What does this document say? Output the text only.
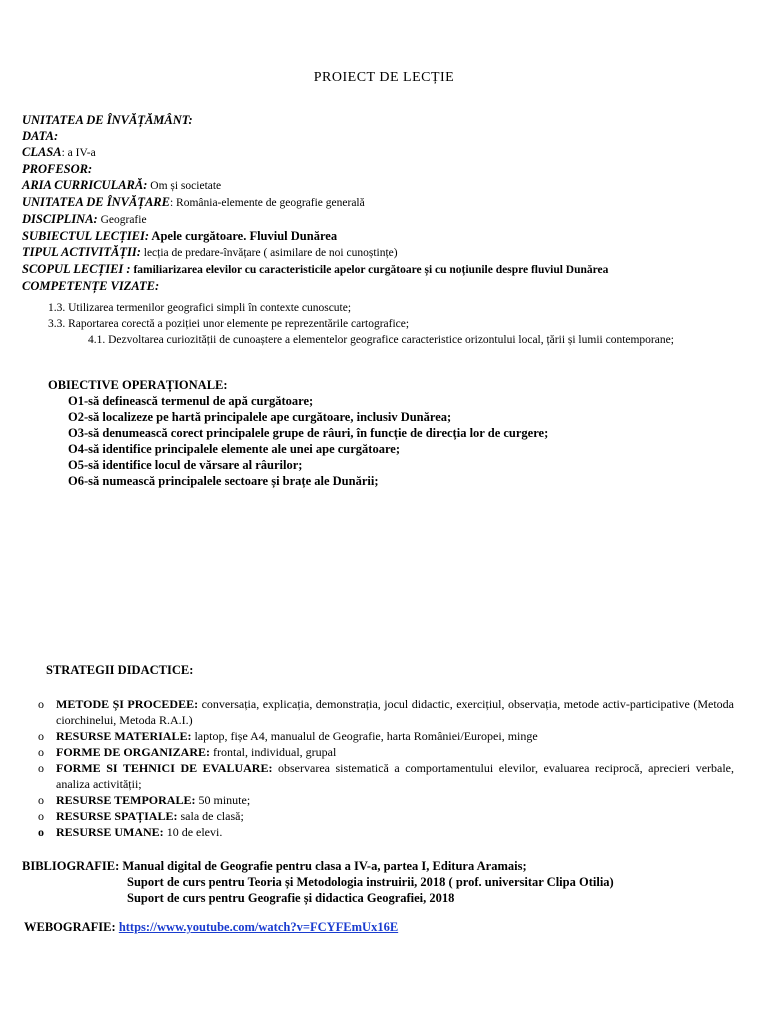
PROIECT DE LECȚIE
UNITATEA DE ÎNVĂȚĂMÂNT:
DATA:
CLASA: a IV-a
PROFESOR:
ARIA CURRICULARĂ: Om și societate
UNITATEA DE ÎNVĂȚARE: România-elemente de geografie generală
DISCIPLINA: Geografie
SUBIECTUL LECȚIEI: Apele curgătoare. Fluviul Dunărea
TIPUL ACTIVITĂȚII: lecția de predare-învățare ( asimilare de noi cunoștințe)
SCOPUL LECȚIEI : familiarizarea elevilor cu caracteristicile apelor curgătoare și cu noțiunile despre fluviul Dunărea
COMPETENȚE VIZATE:
1.3. Utilizarea termenilor geografici simpli în contexte cunoscute;
3.3. Raportarea corectă a poziției unor elemente pe reprezentările cartografice;
4.1. Dezvoltarea curiozității de cunoaștere a elementelor geografice caracteristice orizontului local, țării și lumii contemporane;
OBIECTIVE OPERAȚIONALE:
O1-să definească termenul de apă curgătoare;
O2-să localizeze pe hartă principalele ape curgătoare, inclusiv Dunărea;
O3-să denumească corect principalele grupe de râuri, în funcție de direcția lor de curgere;
O4-să identifice principalele elemente ale unei ape curgătoare;
O5-să identifice locul de vărsare al râurilor;
O6-să numească principalele sectoare și brațe ale Dunării;
STRATEGII DIDACTICE:
o METODE ȘI PROCEDEE: conversația, explicația, demonstrația, jocul didactic, exercițiul, observația, metode activ-participative (Metoda ciorchinelui, Metoda R.A.I.)
o RESURSE MATERIALE: laptop, fișe A4, manualul de Geografie, harta României/Europei, minge
o FORME DE ORGANIZARE: frontal, individual, grupal
o FORME SI TEHNICI DE EVALUARE: observarea sistematică a comportamentului elevilor, evaluarea reciprocă, aprecieri verbale, analiza activității;
o RESURSE TEMPORALE: 50 minute;
o RESURSE SPAȚIALE: sala de clasă;
o RESURSE UMANE: 10 de elevi.
BIBLIOGRAFIE: Manual digital de Geografie pentru clasa a IV-a, partea I, Editura Aramais;
Suport de curs pentru Teoria și Metodologia instruirii, 2018 ( prof. universitar Clipa Otilia)
Suport de curs pentru Geografie și didactica Geografiei, 2018
WEBOGRAFIE: https://www.youtube.com/watch?v=FCYFEmUx16E
